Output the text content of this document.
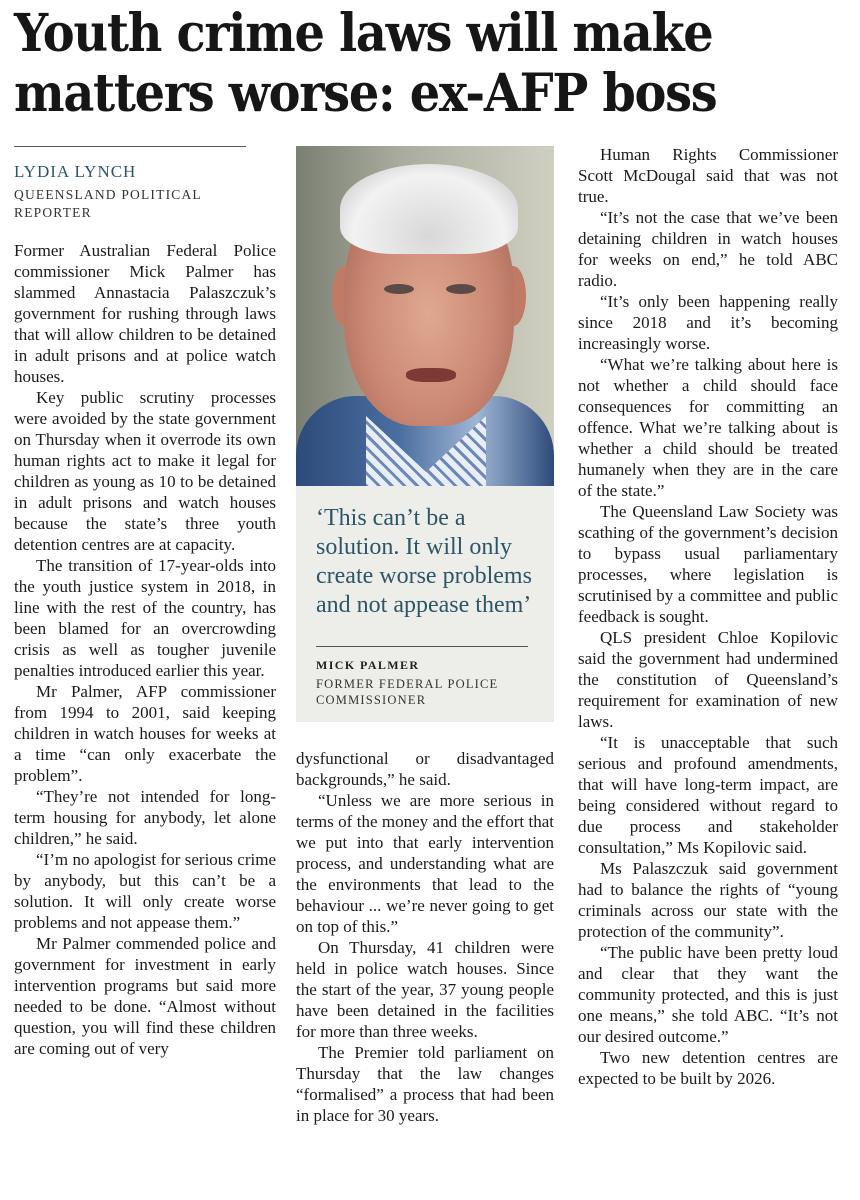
Youth crime laws will make
matters worse: ex-AFP boss
LYDIA LYNCH
QUEENSLAND POLITICAL
REPORTER

Former Australian Federal Police commissioner Mick Palmer has slammed Annastacia Palaszczuk’s government for rushing through laws that will allow children to be detained in adult prisons and at police watch houses.

Key public scrutiny processes were avoided by the state government on Thursday when it overrode its own human rights act to make it legal for children as young as 10 to be detained in adult prisons and watch houses because the state’s three youth detention centres are at capacity.

The transition of 17-year-olds into the youth justice system in 2018, in line with the rest of the country, has been blamed for an overcrowding crisis as well as tougher juvenile penalties introduced earlier this year.

Mr Palmer, AFP commissioner from 1994 to 2001, said keeping children in watch houses for weeks at a time “can only exacerbate the problem”.

“They’re not intended for long-term housing for anybody, let alone children,” he said.

“I’m no apologist for serious crime by anybody, but this can’t be a solution. It will only create worse problems and not appease them.”

Mr Palmer commended police and government for investment in early intervention programs but said more needed to be done. “Almost without question, you will find these children are coming out of very

‘This can’t be a solution. It will only create worse problems and not appease them’
MICK PALMER
FORMER FEDERAL POLICE
COMMISSIONER

dysfunctional or disadvantaged backgrounds,” he said.

“Unless we are more serious in terms of the money and the effort that we put into that early intervention process, and understanding what are the environments that lead to the behaviour ... we’re never going to get on top of this.”

On Thursday, 41 children were held in police watch houses. Since the start of the year, 37 young people have been detained in the facilities for more than three weeks.

The Premier told parliament on Thursday that the law changes “formalised” a process that had been in place for 30 years.

Human Rights Commissioner Scott McDougal said that was not true.

“It’s not the case that we’ve been detaining children in watch houses for weeks on end,” he told ABC radio.

“It’s only been happening really since 2018 and it’s becoming increasingly worse.

“What we’re talking about here is not whether a child should face consequences for committing an offence. What we’re talking about is whether a child should be treated humanely when they are in the care of the state.”

The Queensland Law Society was scathing of the government’s decision to bypass usual parliamentary processes, where legislation is scrutinised by a committee and public feedback is sought.

QLS president Chloe Kopilovic said the government had undermined the constitution of Queensland’s requirement for examination of new laws.

“It is unacceptable that such serious and profound amendments, that will have long-term impact, are being considered without regard to due process and stakeholder consultation,” Ms Kopilovic said.

Ms Palaszczuk said government had to balance the rights of “young criminals across our state with the protection of the community”.

“The public have been pretty loud and clear that they want the community protected, and this is just one means,” she told ABC. “It’s not our desired outcome.”

Two new detention centres are expected to be built by 2026.
